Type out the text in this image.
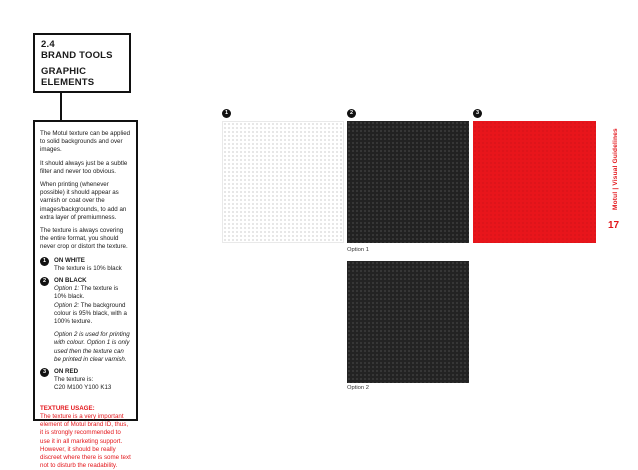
2.4
BRAND TOOLS
GRAPHIC
ELEMENTS

The Motul texture can be applied to solid backgrounds and over images.

It should always just be a subtle filter and never too obvious.

When printing (whenever possible) it should appear as varnish or coat over the images/backgrounds, to add an extra layer of premiumness.

The texture is always covering the entire format, you should never crop or distort the texture.

1	ON WHITE
The texture is 10% black
2	ON BLACK
Option 1: The texture is 10% black.
Option 2: The background colour is 95% black, with a 100% texture.
Option 2 is used for printing with colour. Option 1 is only used then the texture can be printed in clear varnish.
3	ON RED
The texture is:
C20 M100 Y100 K13
TEXTURE USAGE:
The texture is a very important element of Motul brand ID, thus, it is strongly recommended to use it in all marketing support. However, it should be really discreet where there is some text not to disturb the readability.
1	2	3
Option 1
Option 2
Motul | Visual Guidelines
17
